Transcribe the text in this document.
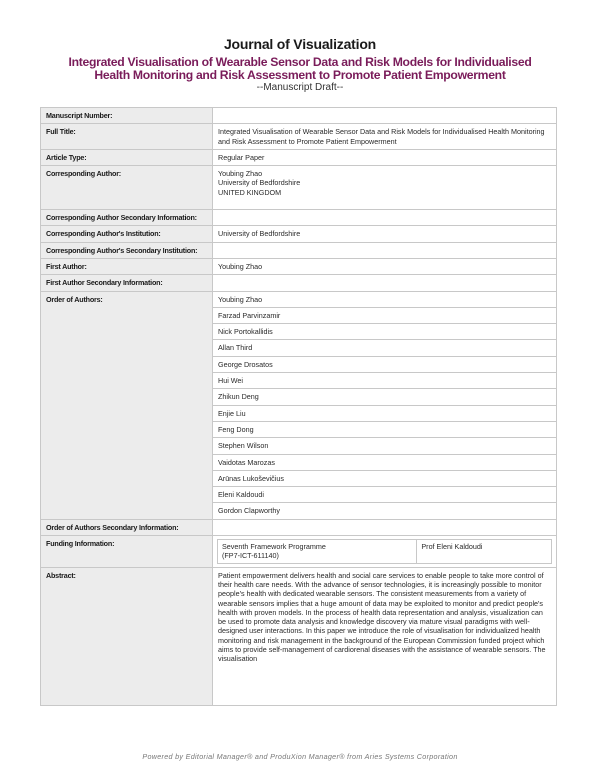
Journal of Visualization
Integrated Visualisation of Wearable Sensor Data and Risk Models for Individualised
Health Monitoring and Risk Assessment to Promote Patient Empowerment
--Manuscript Draft--
Manuscript Number:	
Full Title:	Integrated Visualisation of Wearable Sensor Data and Risk Models for Individualised Health Monitoring and Risk Assessment to Promote Patient Empowerment
Article Type:	Regular Paper
Corresponding Author:	Youbing Zhao
University of Bedfordshire
UNITED KINGDOM

Corresponding Author Secondary Information:	
Corresponding Author's Institution:	University of Bedfordshire
Corresponding Author's Secondary Institution:	
First Author:	Youbing Zhao
First Author Secondary Information:	
Order of Authors:	Youbing Zhao
Farzad Parvinzamir
Nick Portokallidis
Allan Third
George Drosatos
Hui Wei
Zhikun Deng
Enjie Liu
Feng Dong
Stephen Wilson
Vaidotas Marozas
Arūnas Lukoševičius
Eleni Kaldoudi
Gordon Clapworthy
Order of Authors Secondary Information:	
Funding Information:		Seventh Framework Programme
(FP7-ICT-611140)
	Prof Eleni Kaldoudi

Abstract:	Patient empowerment delivers health and social care services to enable people to take more control of their health care needs. With the advance of sensor technologies, it is increasingly possible to monitor people's health with dedicated wearable sensors. The consistent measurements from a variety of wearable sensors implies that a huge amount of data may be exploited to monitor and predict people's health with proven models. In the process of health data representation and analysis, visualization can be used to promote data analysis and knowledge discovery via mature visual paradigms with well-designed user interactions. In this paper we introduce the role of visualisation for individualized health monitoring and risk management in the background of the European Commission funded project which aims to provide self-management of cardiorenal diseases with the assistance of wearable sensors. The visualisation
Powered by Editorial Manager® and ProduXion Manager® from Aries Systems Corporation
